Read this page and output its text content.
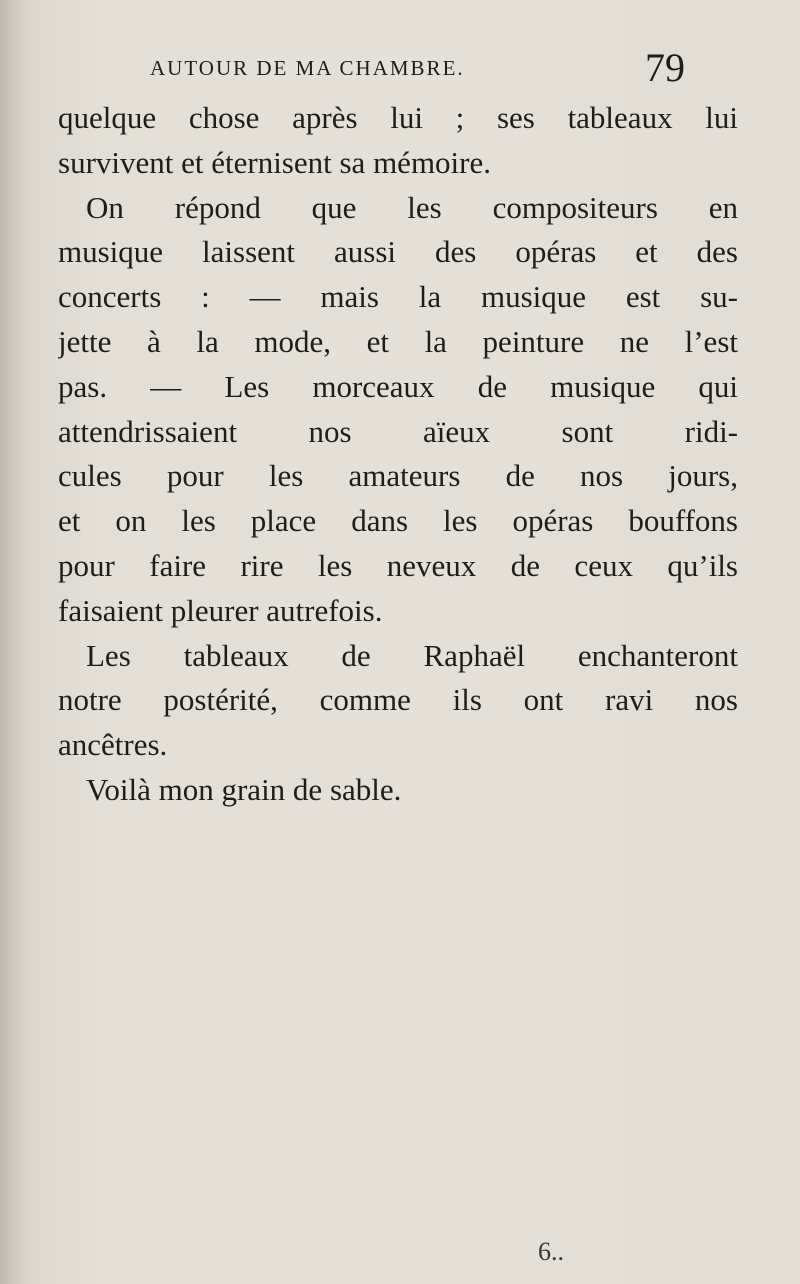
AUTOUR DE MA CHAMBRE.	79
quelque chose après lui ; ses tableaux lui
survivent et éternisent sa mémoire.
On répond que les compositeurs en
musique laissent aussi des opéras et des
concerts : — mais la musique est su-
jette à la mode, et la peinture ne l’est
pas. — Les morceaux de musique qui
attendrissaient nos aïeux sont ridi-
cules pour les amateurs de nos jours,
et on les place dans les opéras bouffons
pour faire rire les neveux de ceux qu’ils
faisaient pleurer autrefois.
Les tableaux de Raphaël enchanteront
notre postérité, comme ils ont ravi nos
ancêtres.
Voilà mon grain de sable.
6..
